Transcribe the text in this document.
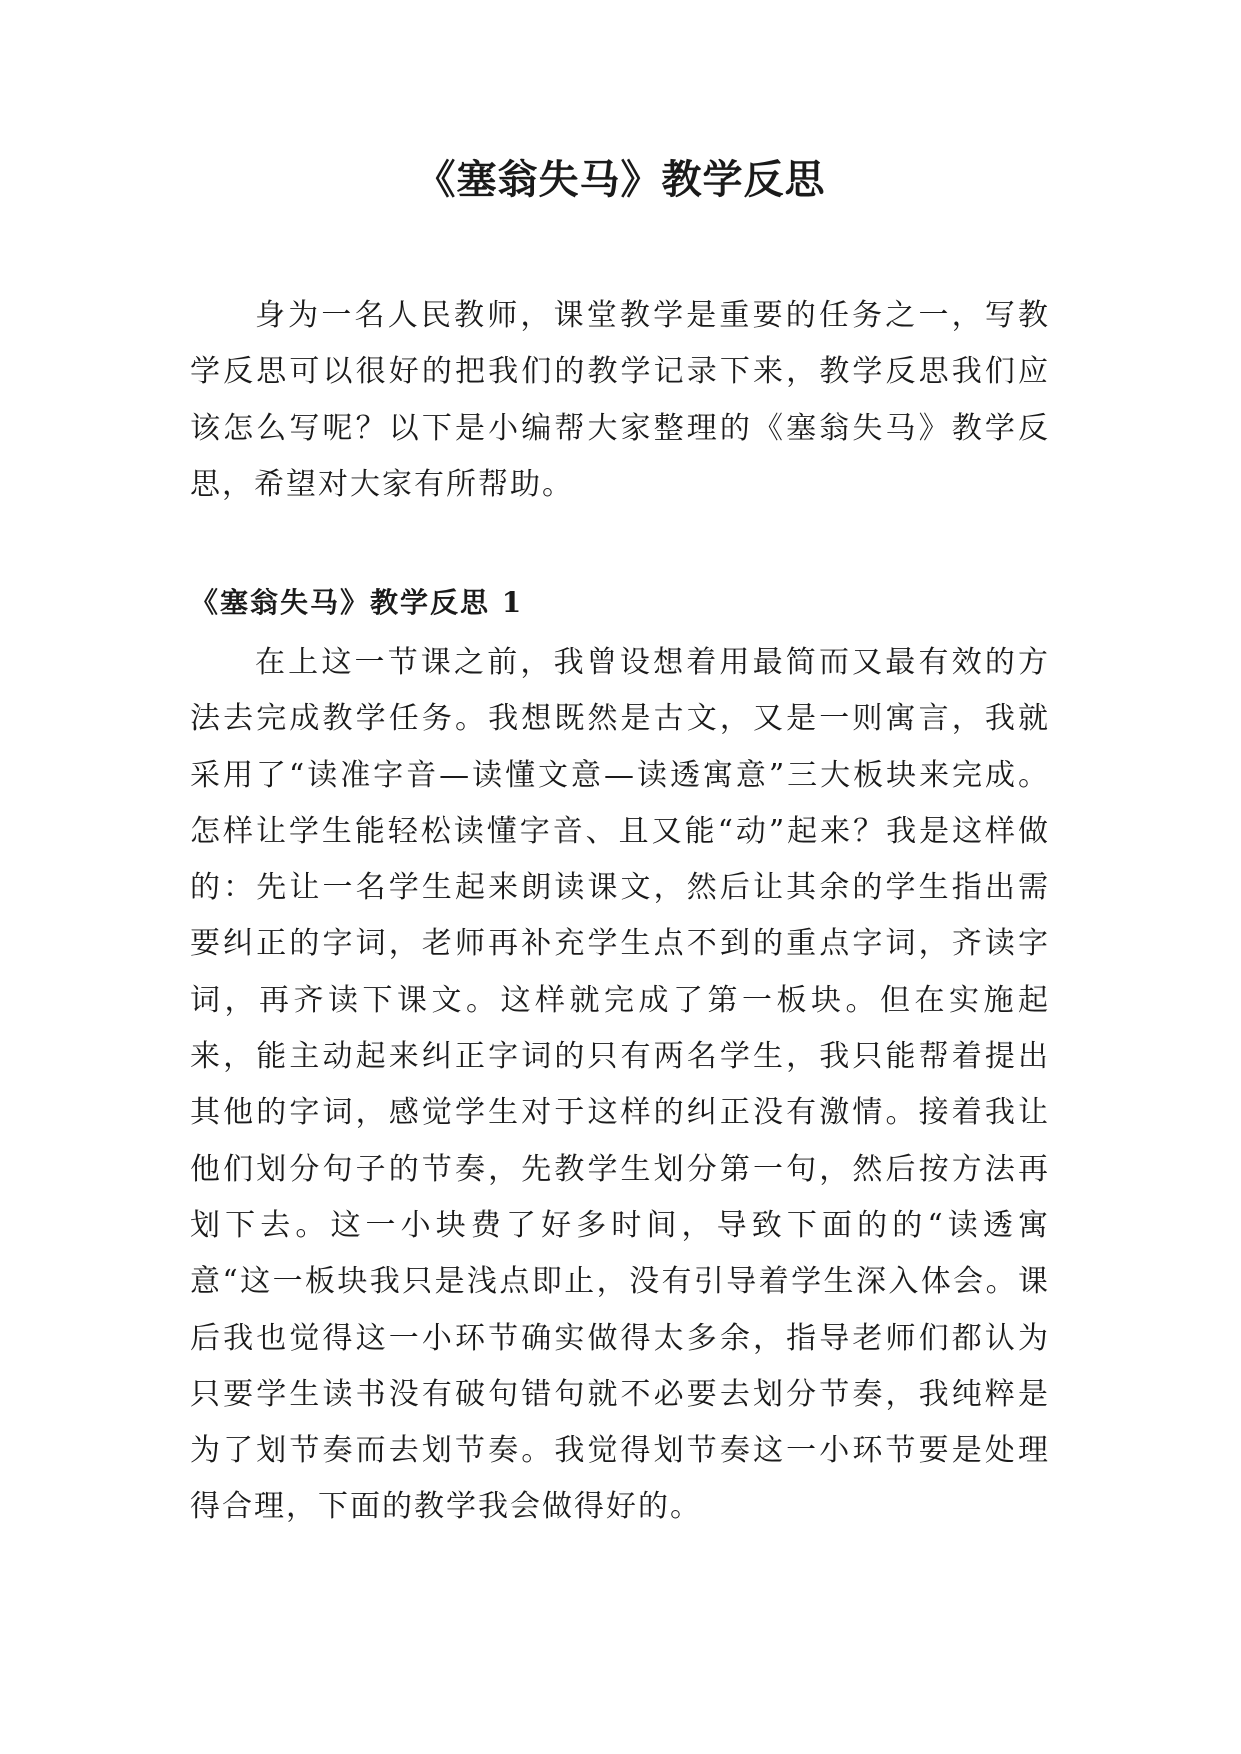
《塞翁失马》教学反思

身为一名人民教师，课堂教学是重要的任务之一，写教学反思可以很好的把我们的教学记录下来，教学反思我们应该怎么写呢？以下是小编帮大家整理的《塞翁失马》教学反思，希望对大家有所帮助。

《塞翁失马》教学反思 1

在上这一节课之前，我曾设想着用最简而又最有效的方法去完成教学任务。我想既然是古文，又是一则寓言，我就采用了“读准字音—读懂文意—读透寓意”三大板块来完成。怎样让学生能轻松读懂字音、且又能“动”起来？我是这样做的：先让一名学生起来朗读课文，然后让其余的学生指出需要纠正的字词，老师再补充学生点不到的重点字词，齐读字词，再齐读下课文。这样就完成了第一板块。但在实施起来，能主动起来纠正字词的只有两名学生，我只能帮着提出其他的字词，感觉学生对于这样的纠正没有激情。接着我让他们划分句子的节奏，先教学生划分第一句，然后按方法再划下去。这一小块费了好多时间，导致下面的的“读透寓意“这一板块我只是浅点即止，没有引导着学生深入体会。课后我也觉得这一小环节确实做得太多余，指导老师们都认为只要学生读书没有破句错句就不必要去划分节奏，我纯粹是为了划节奏而去划节奏。我觉得划节奏这一小环节要是处理得合理，下面的教学我会做得好的。
